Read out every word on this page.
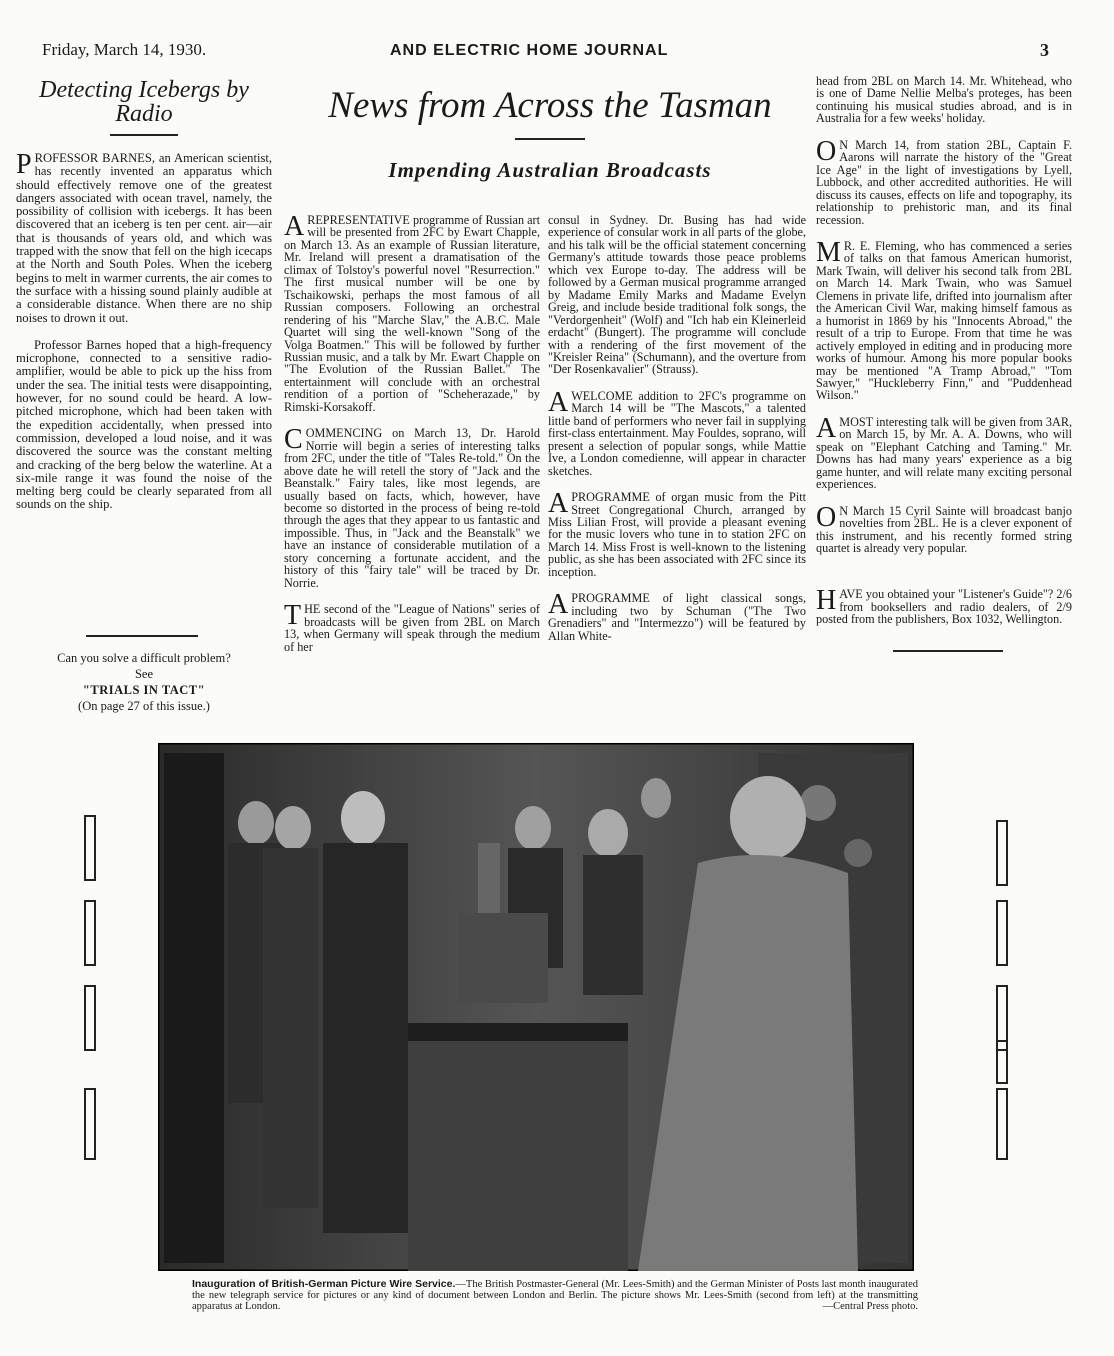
Friday, March 14, 1930.	AND ELECTRIC HOME JOURNAL	3
Detecting Icebergs by
Radio

PROFESSOR BARNES, an American scientist, has recently invented an apparatus which should effectively remove one of the greatest dangers associated with ocean travel, namely, the possibility of collision with icebergs. It has been discovered that an iceberg is ten per cent. air—air that is thousands of years old, and which was trapped with the snow that fell on the high icecaps at the North and South Poles. When the iceberg begins to melt in warmer currents, the air comes to the surface with a hissing sound plainly audible at a considerable distance. When there are no ship noises to drown it out.

Professor Barnes hoped that a high-frequency microphone, connected to a sensitive radio-amplifier, would be able to pick up the hiss from under the sea. The initial tests were disappointing, however, for no sound could be heard. A low-pitched microphone, which had been taken with the expedition accidentally, when pressed into commission, developed a loud noise, and it was discovered the source was the constant melting and cracking of the berg below the waterline. At a six-mile range it was found the noise of the melting berg could be clearly separated from all sounds on the ship.

Can you solve a difficult problem?
See
"TRIALS IN TACT"
(On page 27 of this issue.)
News from Across the Tasman
Impending Australian Broadcasts

AREPRESENTATIVE programme of Russian art will be presented from 2FC by Ewart Chapple, on March 13. As an example of Russian literature, Mr. Ireland will present a dramatisation of the climax of Tolstoy's powerful novel "Resurrection." The first musical number will be one by Tschaikowski, perhaps the most famous of all Russian composers. Following an orchestral rendering of his "Marche Slav," the A.B.C. Male Quartet will sing the well-known "Song of the Volga Boatmen." This will be followed by further Russian music, and a talk by Mr. Ewart Chapple on "The Evolution of the Russian Ballet." The entertainment will conclude with an orchestral rendition of a portion of "Scheherazade," by Rimski-Korsakoff.

COMMENCING on March 13, Dr. Harold Norrie will begin a series of interesting talks from 2FC, under the title of "Tales Re-told." On the above date he will retell the story of "Jack and the Beanstalk." Fairy tales, like most legends, are usually based on facts, which, however, have become so distorted in the process of being re-told through the ages that they appear to us fantastic and impossible. Thus, in "Jack and the Beanstalk" we have an instance of considerable mutilation of a story concerning a fortunate accident, and the history of this "fairy tale" will be traced by Dr. Norrie.

THE second of the "League of Nations" series of broadcasts will be given from 2BL on March 13, when Germany will speak through the medium of her

consul in Sydney. Dr. Busing has had wide experience of consular work in all parts of the globe, and his talk will be the official statement concerning Germany's attitude towards those peace problems which vex Europe to-day. The address will be followed by a German musical programme arranged by Madame Emily Marks and Madame Evelyn Greig, and include beside traditional folk songs, the "Verdorgenheit" (Wolf) and "Ich hab ein Kleinerleid erdacht" (Bungert). The programme will conclude with a rendering of the first movement of the "Kreisler Reina" (Schumann), and the overture from "Der Rosenkavalier" (Strauss).

AWELCOME addition to 2FC's programme on March 14 will be "The Mascots," a talented little band of performers who never fail in supplying first-class entertainment. May Fouldes, soprano, will present a selection of popular songs, while Mattie Ive, a London comedienne, will appear in character sketches.

APROGRAMME of organ music from the Pitt Street Congregational Church, arranged by Miss Lilian Frost, will provide a pleasant evening for the music lovers who tune in to station 2FC on March 14. Miss Frost is well-known to the listening public, as she has been associated with 2FC since its inception.

APROGRAMME of light classical songs, including two by Schuman ("The Two Grenadiers" and "Intermezzo") will be featured by Allan White-

head from 2BL on March 14. Mr. Whitehead, who is one of Dame Nellie Melba's proteges, has been continuing his musical studies abroad, and is in Australia for a few weeks' holiday.

ON March 14, from station 2BL, Captain F. Aarons will narrate the history of the "Great Ice Age" in the light of investigations by Lyell, Lubbock, and other accredited authorities. He will discuss its causes, effects on life and topography, its relationship to prehistoric man, and its final recession.

MR. E. Fleming, who has commenced a series of talks on that famous American humorist, Mark Twain, will deliver his second talk from 2BL on March 14. Mark Twain, who was Samuel Clemens in private life, drifted into journalism after the American Civil War, making himself famous as a humorist in 1869 by his "Innocents Abroad," the result of a trip to Europe. From that time he was actively employed in editing and in producing more works of humour. Among his more popular books may be mentioned "A Tramp Abroad," "Tom Sawyer," "Huckleberry Finn," and "Puddenhead Wilson."

AMOST interesting talk will be given from 3AR, on March 15, by Mr. A. A. Downs, who will speak on "Elephant Catching and Taming." Mr. Downs has had many years' experience as a big game hunter, and will relate many exciting personal experiences.

ON March 15 Cyril Sainte will broadcast banjo novelties from 2BL. He is a clever exponent of this instrument, and his recently formed string quartet is already very popular.

HAVE you obtained your "Listener's Guide"? 2/6 from booksellers and radio dealers, of 2/9 posted from the publishers, Box 1032, Wellington.

Inauguration of British-German Picture Wire Service.—The British Postmaster-General (Mr. Lees-Smith) and the German Minister of Posts last month inaugurated the new telegraph service for pictures or any kind of document between London and Berlin. The picture shows Mr. Lees-Smith (second from left) at the transmitting apparatus at London.	—Central Press photo.
